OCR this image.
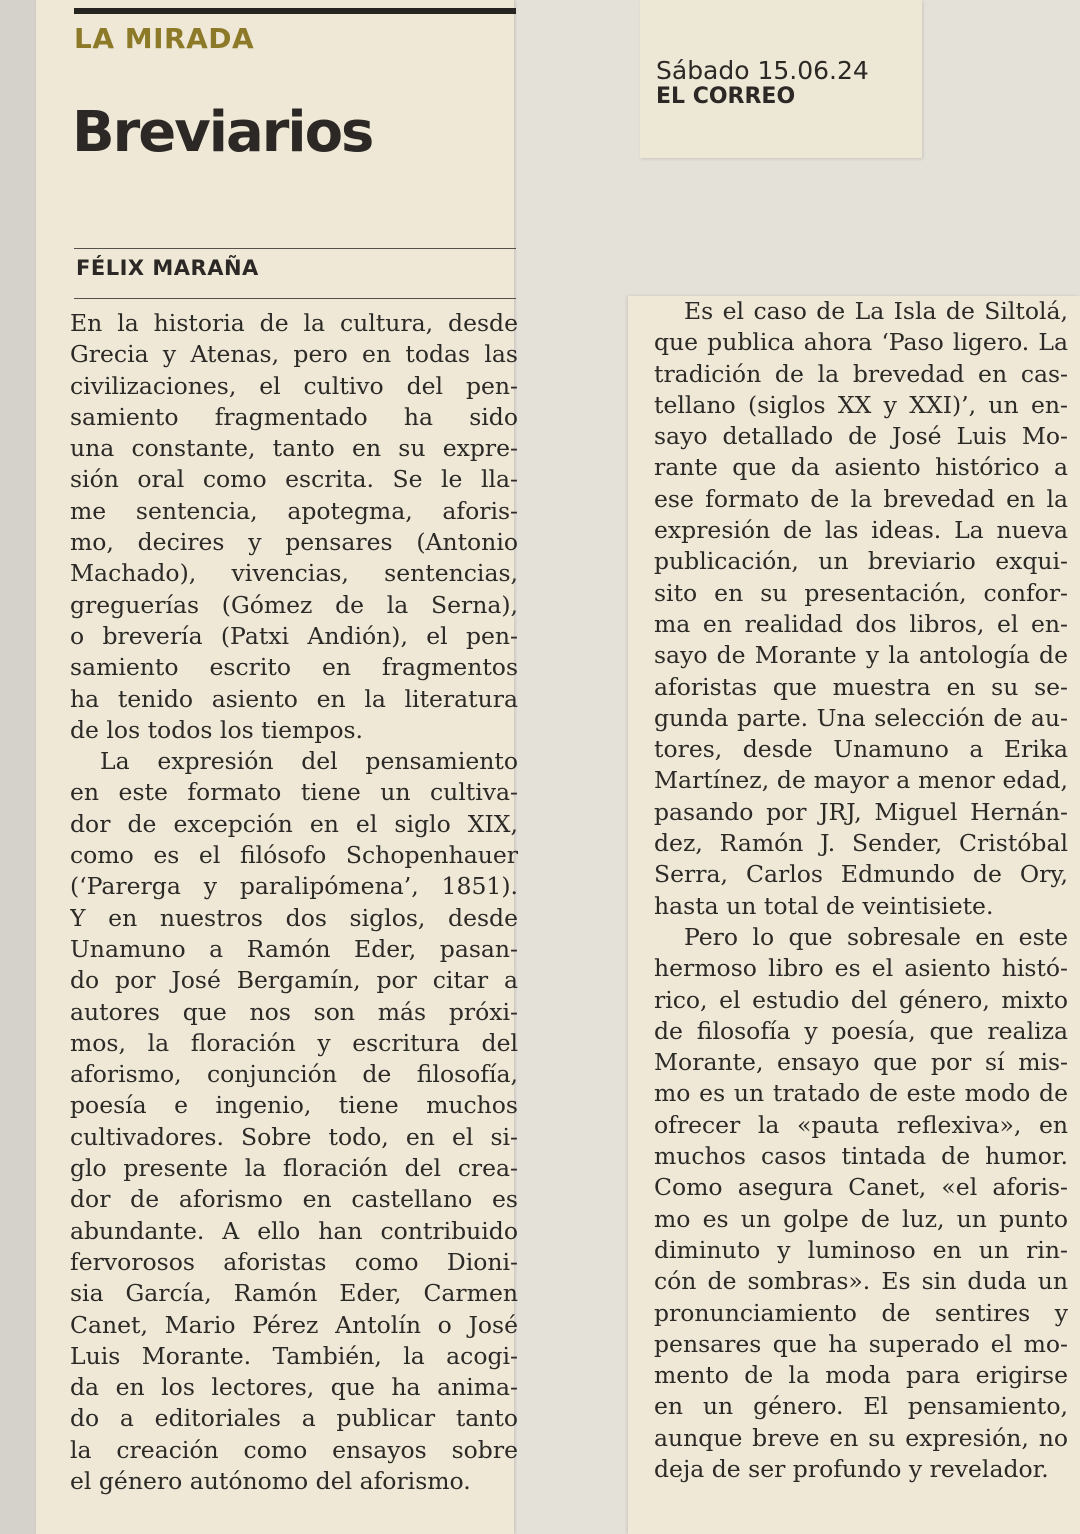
LA MIRADA
Breviarios
FÉLIX MARAÑA
En la historia de la cultura, desde
Grecia y Atenas, pero en todas las
civilizaciones, el cultivo del pen-
samiento fragmentado ha sido
una constante, tanto en su expre-
sión oral como escrita. Se le lla-
me sentencia, apotegma, aforis-
mo, decires y pensares (Antonio
Machado), vivencias, sentencias,
greguerías (Gómez de la Serna),
o brevería (Patxi Andión), el pen-
samiento escrito en fragmentos
ha tenido asiento en la literatura
de los todos los tiempos.
La expresión del pensamiento
en este formato tiene un cultiva-
dor de excepción en el siglo XIX,
como es el filósofo Schopenhauer
(‘Parerga y paralipómena’, 1851).
Y en nuestros dos siglos, desde
Unamuno a Ramón Eder, pasan-
do por José Bergamín, por citar a
autores que nos son más próxi-
mos, la floración y escritura del
aforismo, conjunción de filosofía,
poesía e ingenio, tiene muchos
cultivadores. Sobre todo, en el si-
glo presente la floración del crea-
dor de aforismo en castellano es
abundante. A ello han contribuido
fervorosos aforistas como Dioni-
sia García, Ramón Eder, Carmen
Canet, Mario Pérez Antolín o José
Luis Morante. También, la acogi-
da en los lectores, que ha anima-
do a editoriales a publicar tanto
la creación como ensayos sobre
el género autónomo del aforismo.
Sábado 15.06.24
EL CORREO
Es el caso de La Isla de Siltolá,
que publica ahora ‘Paso ligero. La
tradición de la brevedad en cas-
tellano (siglos XX y XXI)’, un en-
sayo detallado de José Luis Mo-
rante que da asiento histórico a
ese formato de la brevedad en la
expresión de las ideas. La nueva
publicación, un breviario exqui-
sito en su presentación, confor-
ma en realidad dos libros, el en-
sayo de Morante y la antología de
aforistas que muestra en su se-
gunda parte. Una selección de au-
tores, desde Unamuno a Erika
Martínez, de mayor a menor edad,
pasando por JRJ, Miguel Hernán-
dez, Ramón J. Sender, Cristóbal
Serra, Carlos Edmundo de Ory,
hasta un total de veintisiete.
Pero lo que sobresale en este
hermoso libro es el asiento histó-
rico, el estudio del género, mixto
de filosofía y poesía, que realiza
Morante, ensayo que por sí mis-
mo es un tratado de este modo de
ofrecer la «pauta reflexiva», en
muchos casos tintada de humor.
Como asegura Canet, «el aforis-
mo es un golpe de luz, un punto
diminuto y luminoso en un rin-
cón de sombras». Es sin duda un
pronunciamiento de sentires y
pensares que ha superado el mo-
mento de la moda para erigirse
en un género. El pensamiento,
aunque breve en su expresión, no
deja de ser profundo y revelador.
